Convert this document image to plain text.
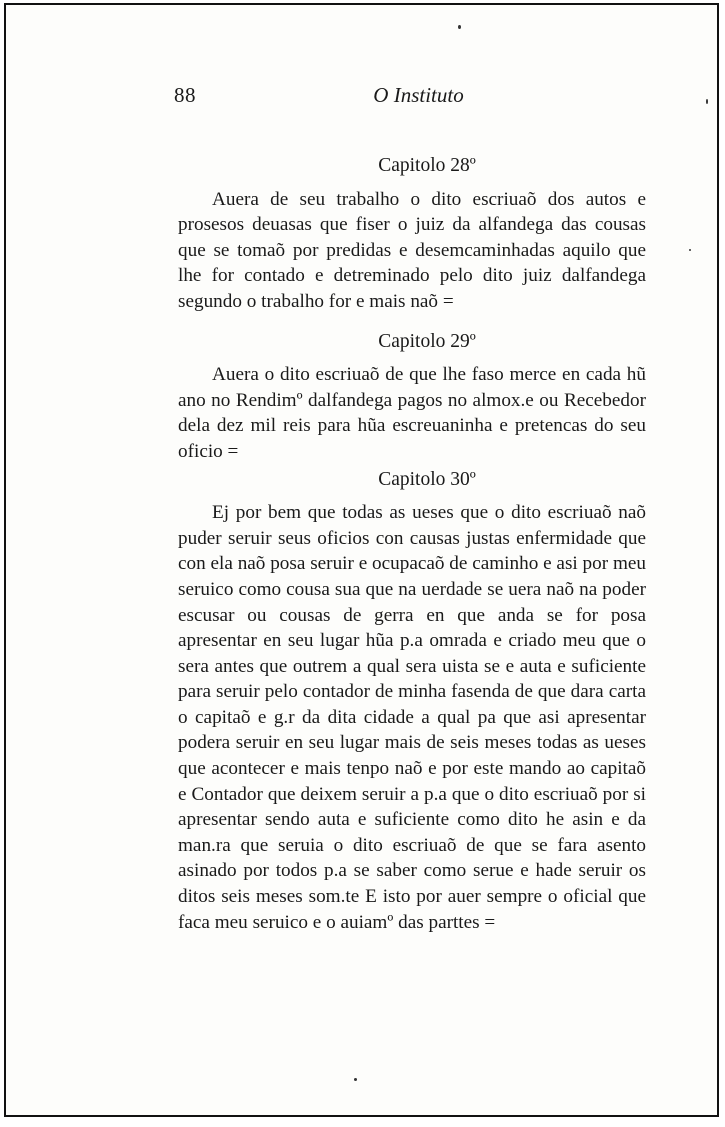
88	O Instituto
Capitolo 28º

Auera de seu trabalho o dito escriuaõ dos autos e prosesos deuasas que fiser o juiz da alfandega das cousas que se tomaõ por predidas e desemcaminhadas aquilo que lhe for contado e detreminado pelo dito juiz dalfandega segundo o trabalho for e mais naõ =

Capitolo 29º

Auera o dito escriuaõ de que lhe faso merce en cada hũ ano no Rendimº dalfandega pagos no almox.e ou Recebedor dela dez mil reis para hũa escreuaninha e pretencas do seu oficio =

Capitolo 30º

Ej por bem que todas as ueses que o dito escriuaõ naõ puder seruir seus oficios con causas justas enfermidade que con ela naõ posa seruir e ocupacaõ de caminho e asi por meu seruico como cousa sua que na uerdade se uera naõ na poder escusar ou cousas de gerra en que anda se for posa apresentar en seu lugar hũa p.a omrada e criado meu que o sera antes que outrem a qual sera uista se e auta e suficiente para seruir pelo contador de minha fasenda de que dara carta o capitaõ e g.r da dita cidade a qual pa que asi apresentar podera seruir en seu lugar mais de seis meses todas as ueses que acontecer e mais tenpo naõ e por este mando ao capitaõ e Contador que deixem seruir a p.a que o dito escriuaõ por si apresentar sendo auta e suficiente como dito he asin e da man.ra que seruia o dito escriuaõ de que se fara asento asinado por todos p.a se saber como serue e hade seruir os ditos seis meses som.te E isto por auer sempre o oficial que faca meu seruico e o auiamº das parttes =
